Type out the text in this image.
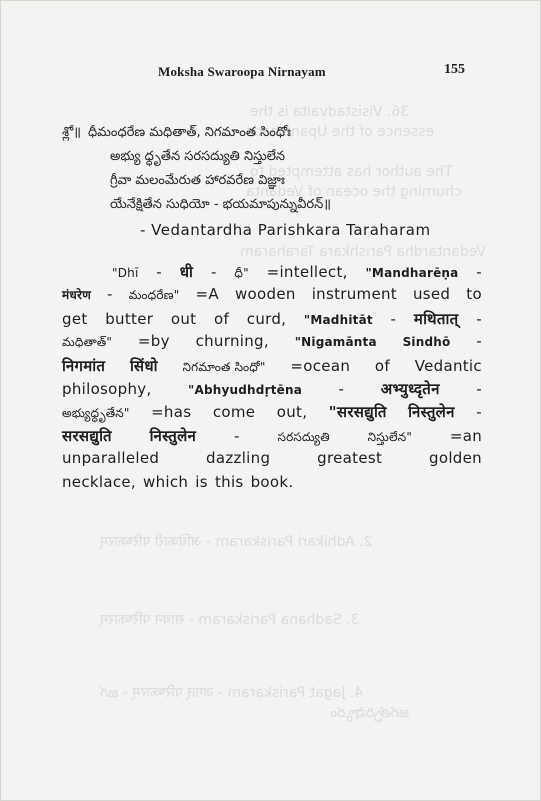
36. Visistadvaita is the
essence of the Upanishads
The author has attempted to
churning the ocean of Vedanta
Vedantardha Parishkara Taraharam
2. Adhikari Pariskaram - अधिकारी परिष्कारम्
3. Sadhana Pariskaram - साधन परिष्कारम्
4. Jagat Pariskaram - जगत् परिष्कारम् - జగ
జగత్పరిష్కారం
Moksha Swaroopa Nirnayam	155
శ్లో॥ ధీమంధరేణ మధితాత్, నిగమాంత సింధోః
అభ్యు ధ్ధృతేన సరసద్యుతి నిస్తులేన
గ్రీవా మలంమేరుత హారవరేణ విజ్ఞాః
యేనేక్షితేన సుధియో - భయమాపున్నువీరన్॥
- Vedantardha Parishkara Taraharam
"Dhī - धी - ధీ" =intellect, "Mandharēṇa -
मंधरेण - మంధరేణ" =A wooden instrument used to
get butter out of curd, "Madhitāt - मथितात् -
మధితాత్" =by churning, "Nigamānta Sindhō -
निगमांत सिंधो నిగమాంత సింధో" =ocean of Vedantic
philosophy,	"Abhyudhdṛtēna - अभ्युध्दृतेन -
అభ్యుధ్ధృతేన" =has come out, "सरसद्युति निस्तुलेन -
सरसद्युति	निस्तुलेन	-	సరసద్యుతి	నిస్తులేన"	=an
unparalleled	dazzling	greatest	golden
necklace, which is this book.
